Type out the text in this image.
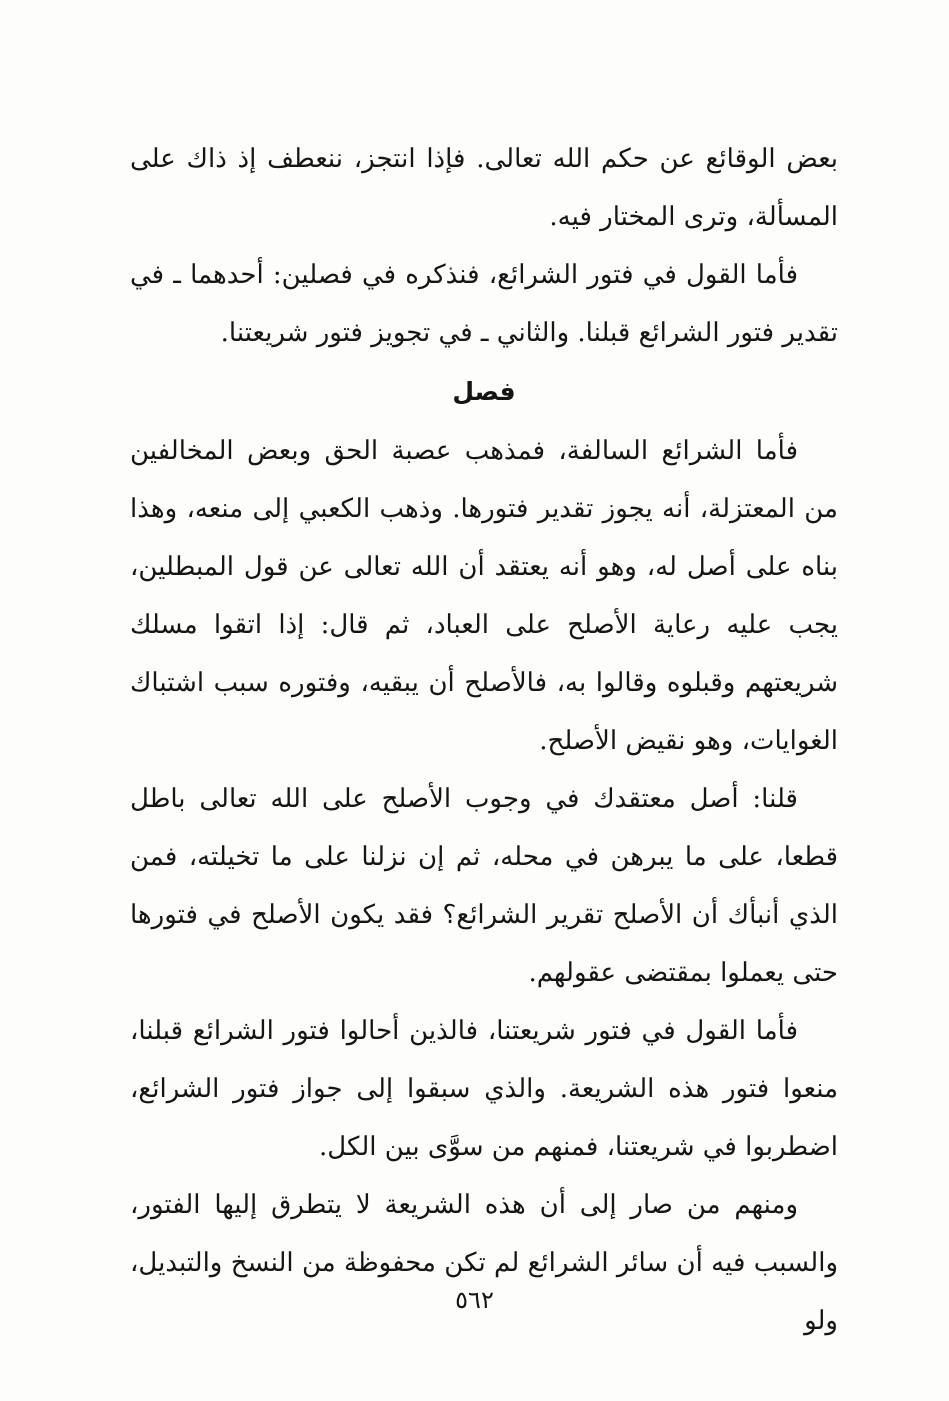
بعض الوقائع عن حكم الله تعالى. فإذا انتجز، ننعطف إذ ذاك على المسألة، وترى المختار فيه.

فأما القول في فتور الشرائع، فنذكره في فصلين: أحدهما ـ في تقدير فتور الشرائع قبلنا. والثاني ـ في تجويز فتور شريعتنا.

فصل

فأما الشرائع السالفة، فمذهب عصبة الحق وبعض المخالفين من المعتزلة، أنه يجوز تقدير فتورها. وذهب الكعبي إلى منعه، وهذا بناه على أصل له، وهو أنه يعتقد أن الله تعالى عن قول المبطلين، يجب عليه رعاية الأصلح على العباد، ثم قال: إذا اتقوا مسلك شريعتهم وقبلوه وقالوا به، فالأصلح أن يبقيه، وفتوره سبب اشتباك الغوايات، وهو نقيض الأصلح.

قلنا: أصل معتقدك في وجوب الأصلح على الله تعالى باطل قطعا، على ما يبرهن في محله، ثم إن نزلنا على ما تخيلته، فمن الذي أنبأك أن الأصلح تقرير الشرائع؟ فقد يكون الأصلح في فتورها حتى يعملوا بمقتضى عقولهم.

فأما القول في فتور شريعتنا، فالذين أحالوا فتور الشرائع قبلنا، منعوا فتور هذه الشريعة. والذي سبقوا إلى جواز فتور الشرائع، اضطربوا في شريعتنا، فمنهم من سوَّى بين الكل.

ومنهم من صار إلى أن هذه الشريعة لا يتطرق إليها الفتور، والسبب فيه أن سائر الشرائع لم تكن محفوظة من النسخ والتبديل، ولو

٥٦٢
